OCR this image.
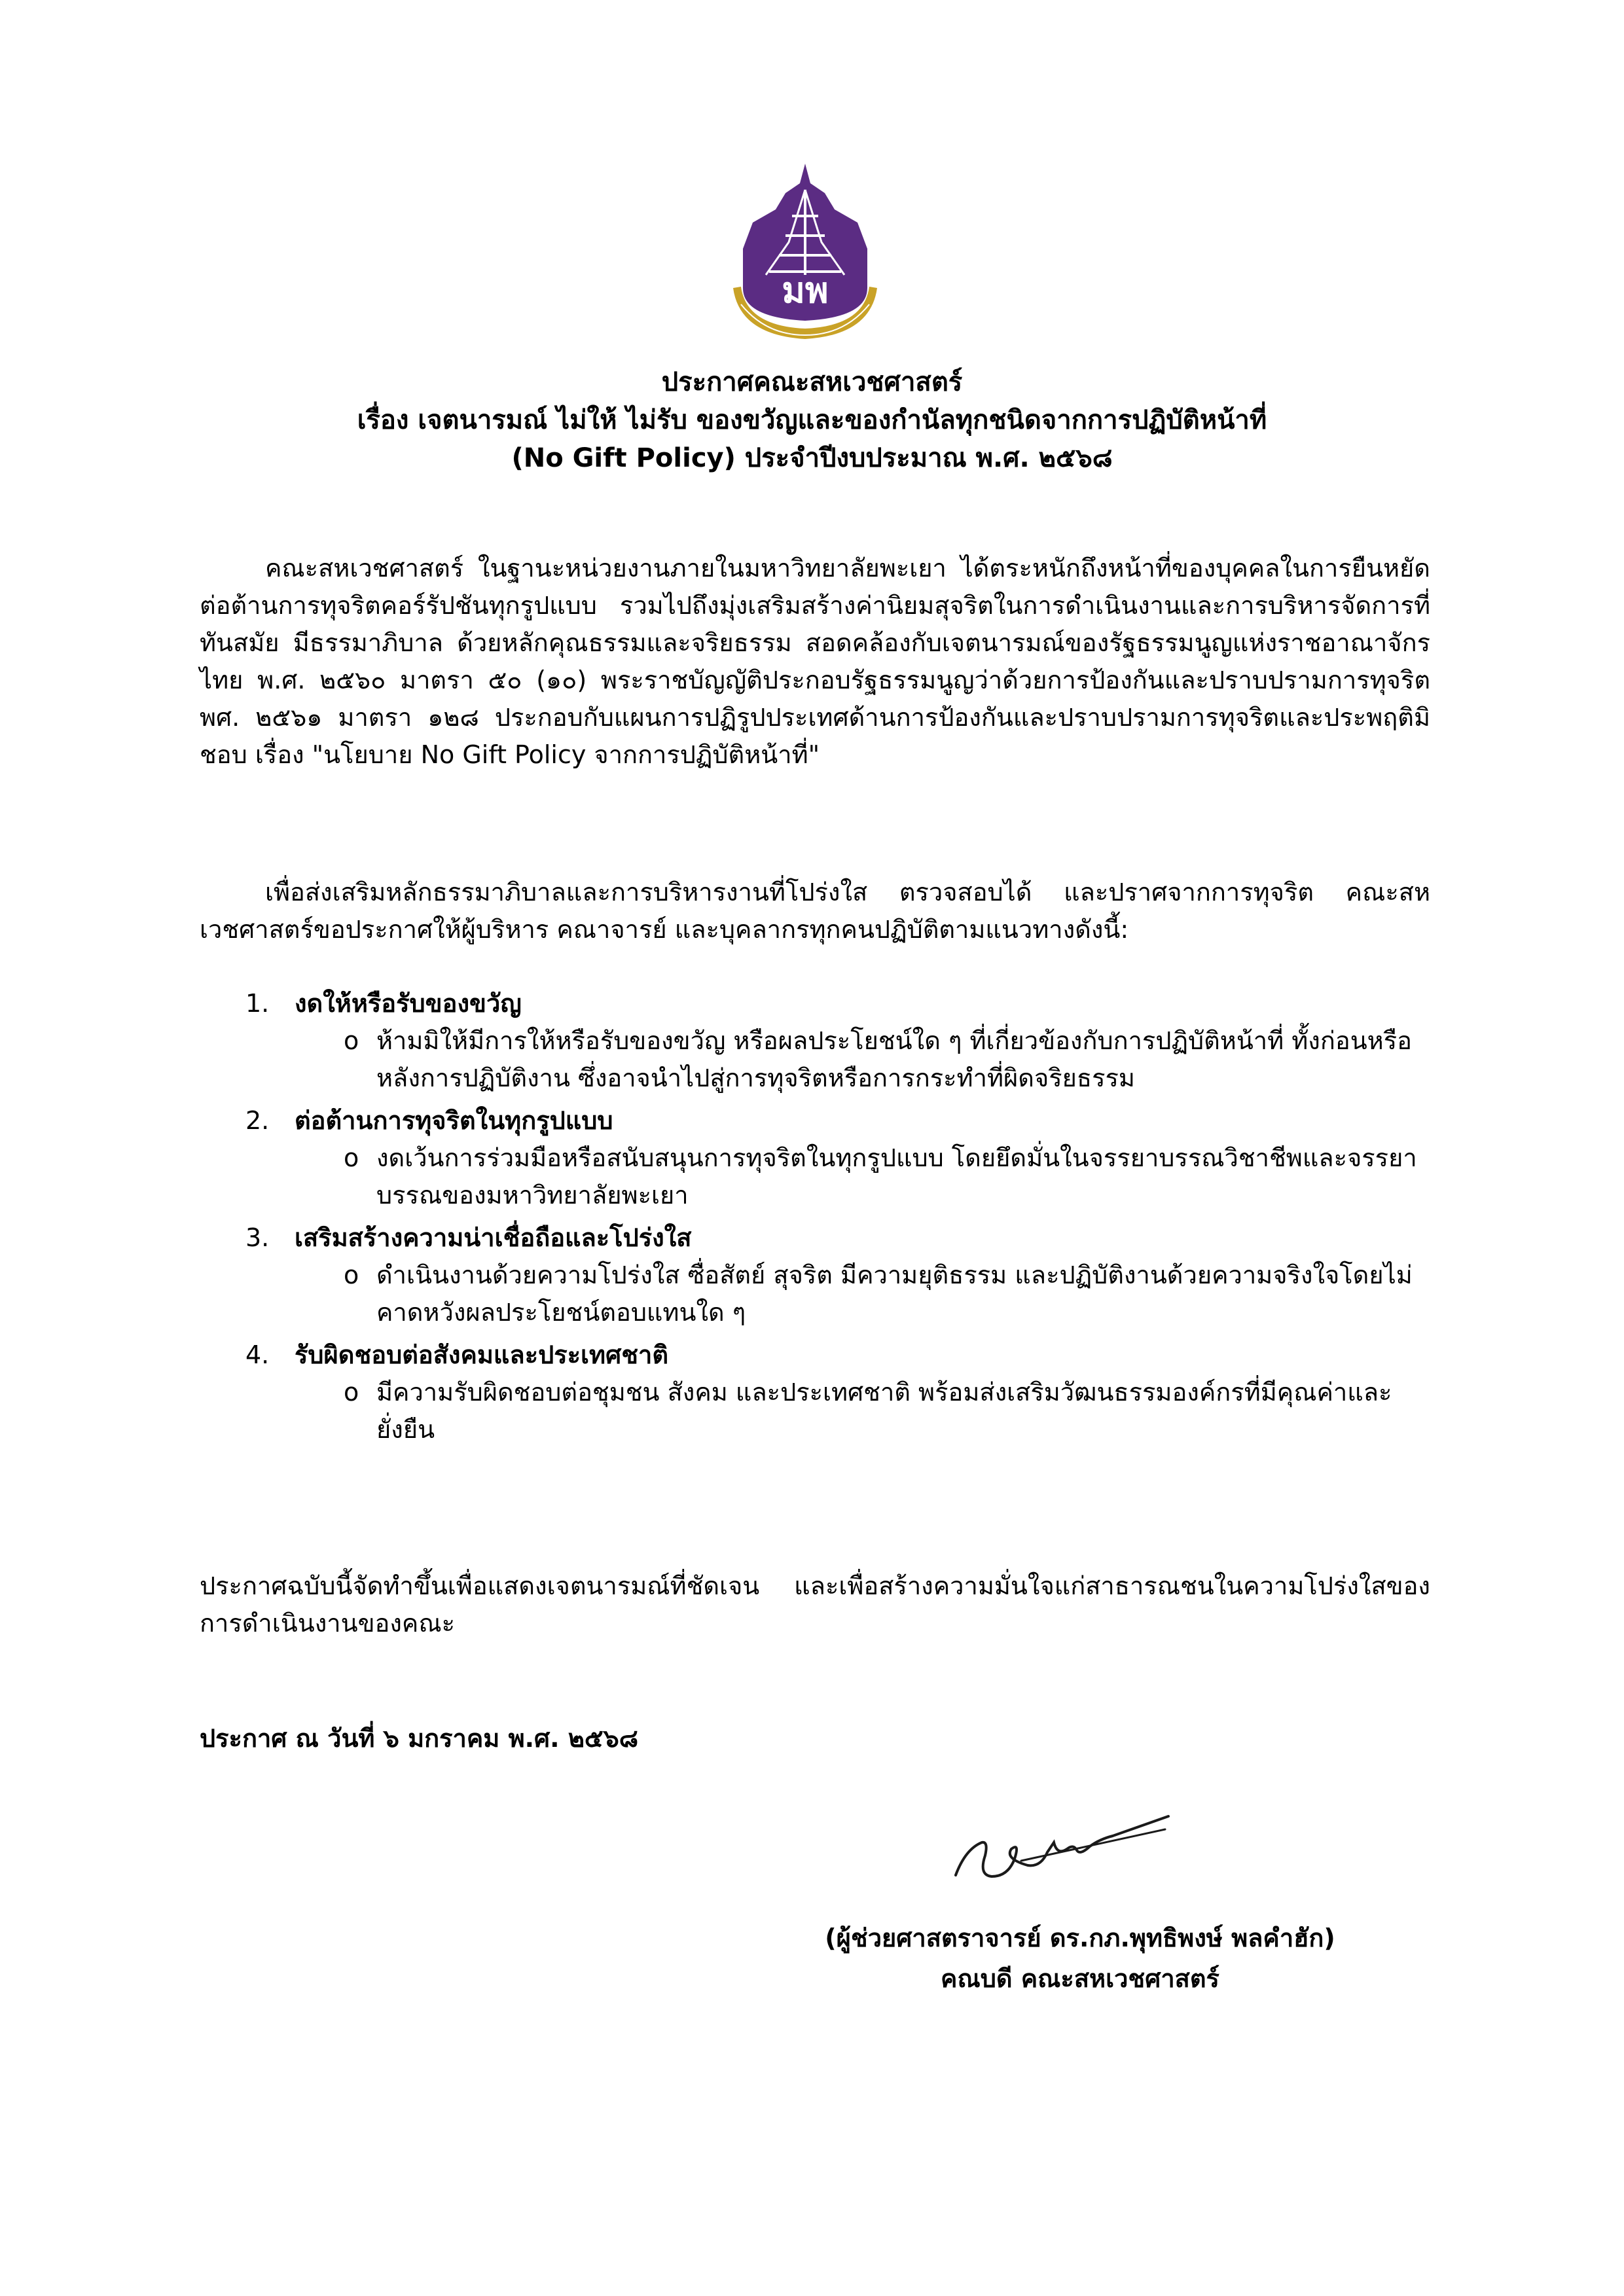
มพ
ประกาศคณะสหเวชศาสตร์
เรื่อง เจตนารมณ์ ไม่ให้ ไม่รับ ของขวัญและของกำนัลทุกชนิดจากการปฏิบัติหน้าที่
(No Gift Policy) ประจำปีงบประมาณ พ.ศ. ๒๕๖๘

คณะสหเวชศาสตร์ ในฐานะหน่วยงานภายในมหาวิทยาลัยพะเยา ได้ตระหนักถึงหน้าที่ของบุคคลในการยืนหยัดต่อต้านการทุจริตคอร์รัปชันทุกรูปแบบ รวมไปถึงมุ่งเสริมสร้างค่านิยมสุจริตในการดำเนินงานและการบริหารจัดการที่ทันสมัย มีธรรมาภิบาล ด้วยหลักคุณธรรมและจริยธรรม สอดคล้องกับเจตนารมณ์ของรัฐธรรมนูญแห่งราชอาณาจักรไทย พ.ศ. ๒๕๖๐ มาตรา ๕๐ (๑๐) พระราชบัญญัติประกอบรัฐธรรมนูญว่าด้วยการป้องกันและปราบปรามการทุจริต พศ. ๒๕๖๑ มาตรา ๑๒๘ ประกอบกับแผนการปฏิรูปประเทศด้านการป้องกันและปราบปรามการทุจริตและประพฤติมิชอบ เรื่อง "นโยบาย No Gift Policy จากการปฏิบัติหน้าที่"

เพื่อส่งเสริมหลักธรรมาภิบาลและการบริหารงานที่โปร่งใส ตรวจสอบได้ และปราศจากการทุจริต คณะสหเวชศาสตร์ขอประกาศให้ผู้บริหาร คณาจารย์ และบุคลากรทุกคนปฏิบัติตามแนวทางดังนี้:

1. งดให้หรือรับของขวัญ
o ห้ามมิให้มีการให้หรือรับของขวัญ หรือผลประโยชน์ใด ๆ ที่เกี่ยวข้องกับการปฏิบัติหน้าที่ ทั้งก่อนหรือหลังการปฏิบัติงาน ซึ่งอาจนำไปสู่การทุจริตหรือการกระทำที่ผิดจริยธรรม
2. ต่อต้านการทุจริตในทุกรูปแบบ
o งดเว้นการร่วมมือหรือสนับสนุนการทุจริตในทุกรูปแบบ โดยยึดมั่นในจรรยาบรรณวิชาชีพและจรรยาบรรณของมหาวิทยาลัยพะเยา
3. เสริมสร้างความน่าเชื่อถือและโปร่งใส
o ดำเนินงานด้วยความโปร่งใส ซื่อสัตย์ สุจริต มีความยุติธรรม และปฏิบัติงานด้วยความจริงใจโดยไม่คาดหวังผลประโยชน์ตอบแทนใด ๆ
4. รับผิดชอบต่อสังคมและประเทศชาติ
o มีความรับผิดชอบต่อชุมชน สังคม และประเทศชาติ พร้อมส่งเสริมวัฒนธรรมองค์กรที่มีคุณค่าและยั่งยืน

ประกาศฉบับนี้จัดทำขึ้นเพื่อแสดงเจตนารมณ์ที่ชัดเจน และเพื่อสร้างความมั่นใจแก่สาธารณชนในความโปร่งใสของการดำเนินงานของคณะ

ประกาศ ณ วันที่ ๖ มกราคม พ.ศ. ๒๕๖๘
(ผู้ช่วยศาสตราจารย์ ดร.กภ.พุทธิพงษ์ พลคำฮัก)
คณบดี คณะสหเวชศาสตร์
